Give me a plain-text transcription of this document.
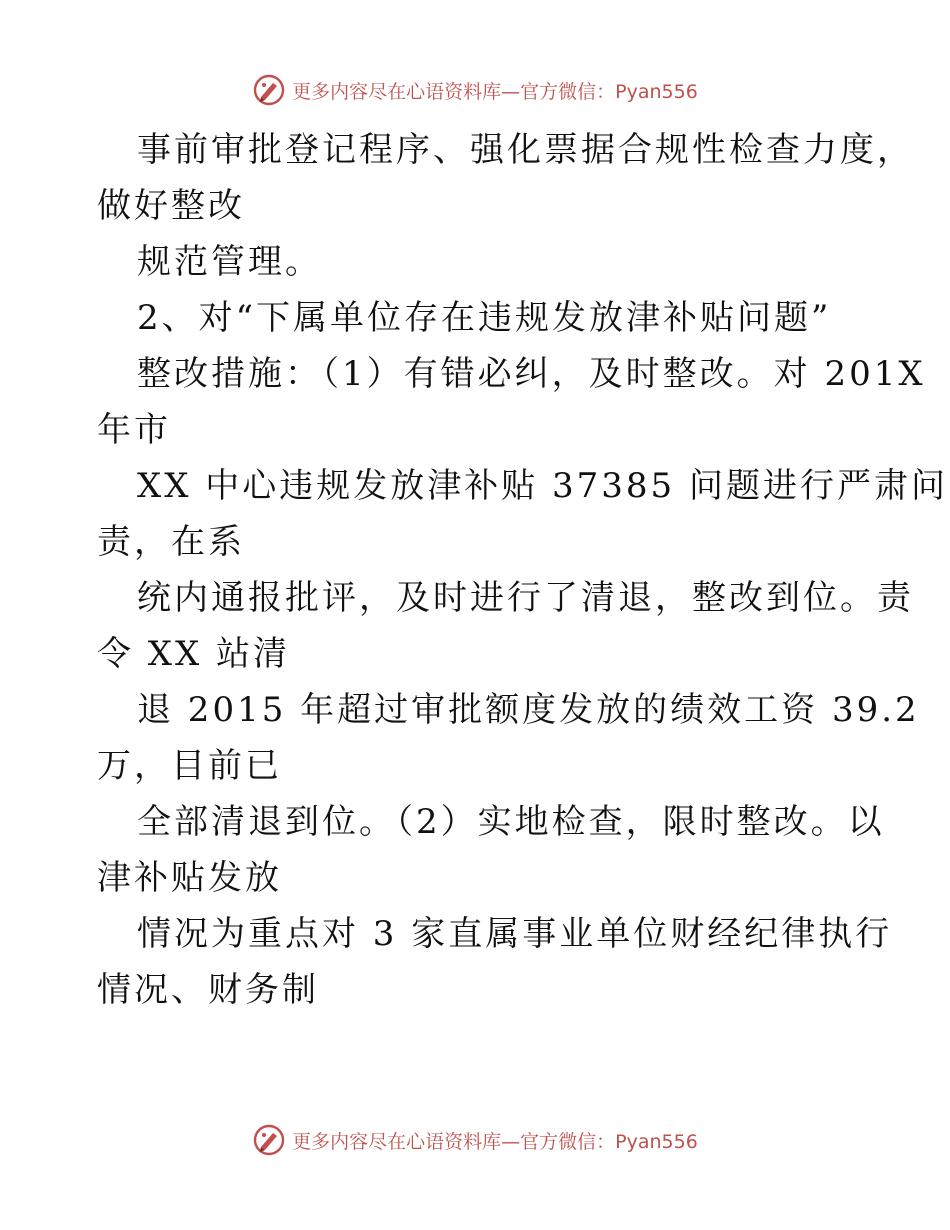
更多内容尽在心语资料库—官方微信：Pyan556
事前审批登记程序、强化票据合规性检查力度，
做好整改
规范管理。
2、对“下属单位存在违规发放津补贴问题”
整改措施：（1）有错必纠，及时整改。对 201X
年市
XX 中心违规发放津补贴 37385 问题进行严肃问
责，在系
统内通报批评，及时进行了清退，整改到位。责
令 XX 站清
退 2015 年超过审批额度发放的绩效工资 39.2
万，目前已
全部清退到位。（2）实地检查，限时整改。以
津补贴发放
情况为重点对 3 家直属事业单位财经纪律执行
情况、财务制
更多内容尽在心语资料库—官方微信：Pyan556
